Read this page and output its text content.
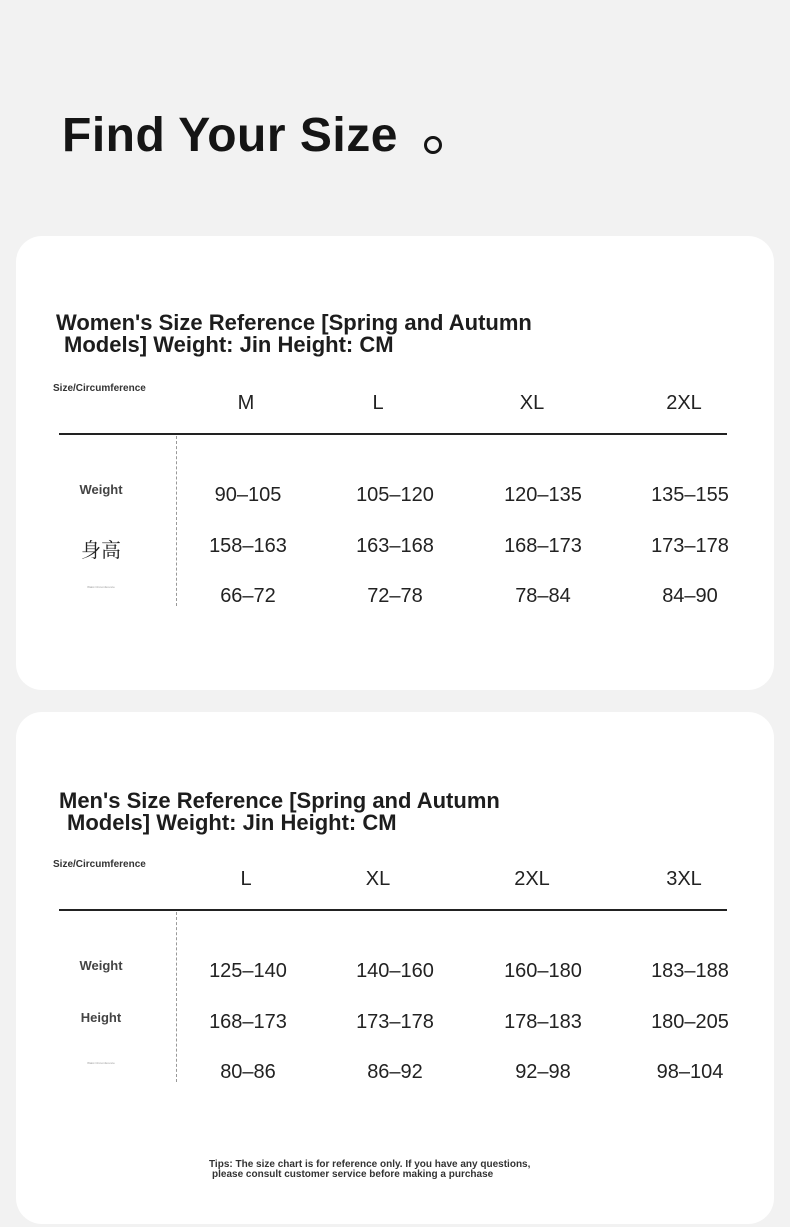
Find Your Size
Women's Size Reference [Spring and Autumn
Models] Weight: Jin Height: CM
Size/Circumference
M	L	XL	2XL
Weight	90–105	105–120	120–135	135–155
身高	158–163	163–168	168–173	173–178
Waist Circumference	66–72	72–78	78–84	84–90
Men's Size Reference [Spring and Autumn
Models] Weight: Jin Height: CM
Size/Circumference
L	XL	2XL	3XL
Weight	125–140	140–160	160–180	183–188
Height	168–173	173–178	178–183	180–205
Waist Circumference	80–86	86–92	92–98	98–104
Tips: The size chart is for reference only. If you have any questions,
please consult customer service before making a purchase
